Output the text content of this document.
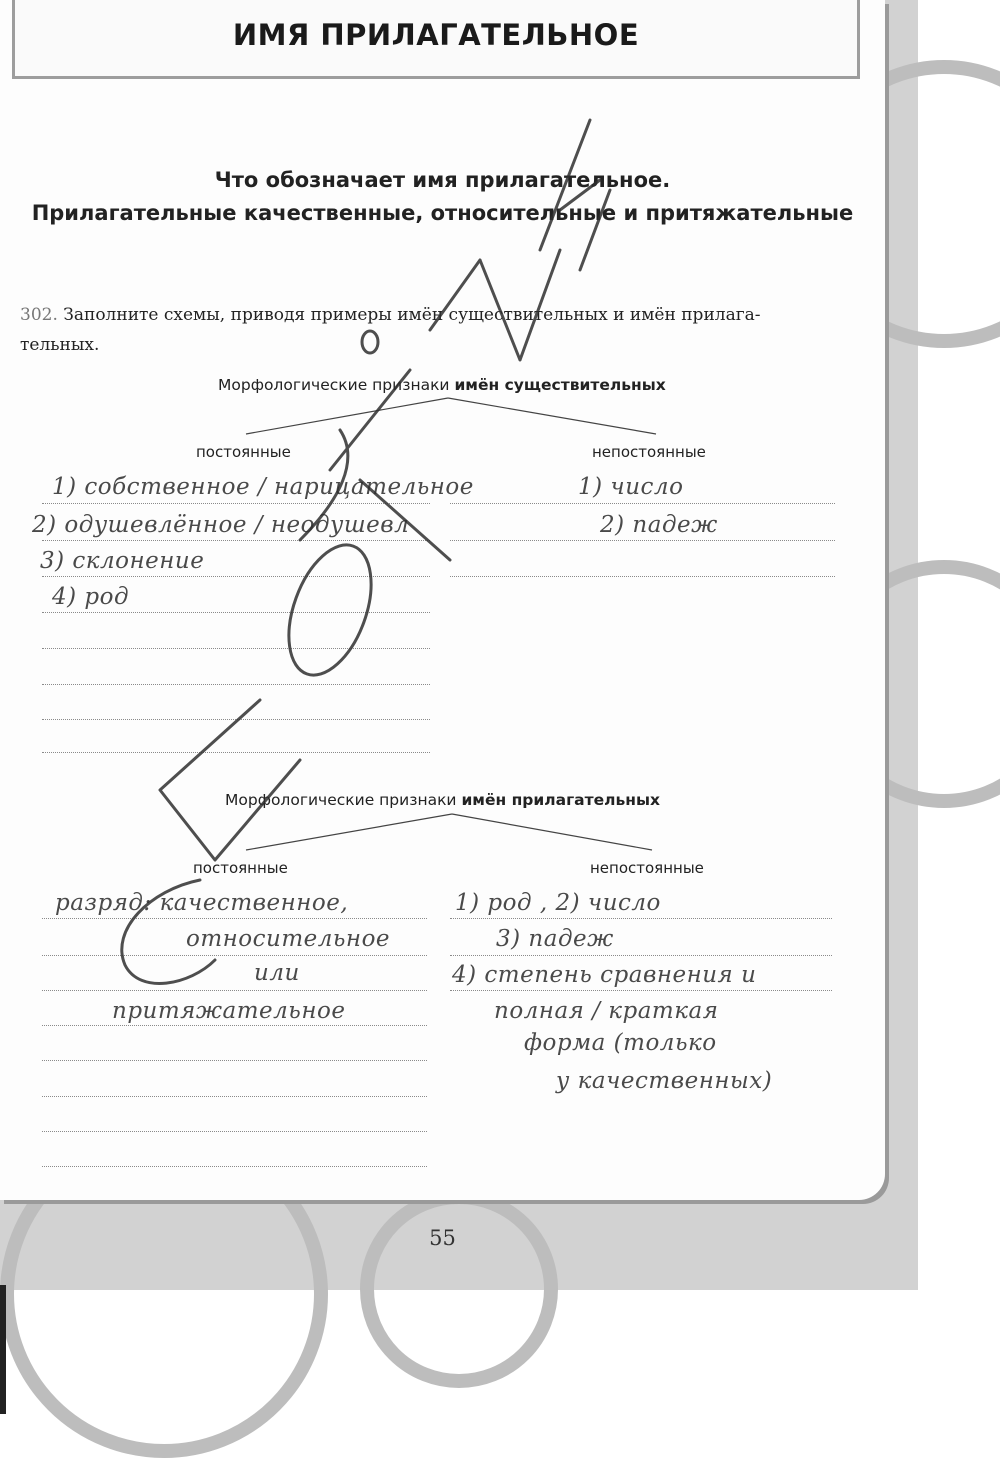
ИМЯ ПРИЛАГАТЕЛЬНОЕ
Что обозначает имя прилагательное.
Прилагательные качественные, относительные и притяжательные
302. Заполните схемы, приводя примеры имён существительных и имён прилага-
тельных.
Морфологические признаки имён существительных
постоянные	непостоянные
1) собственное / нарицательное
2) одушевлённое / неодушевл
3) склонение
4) род
1) число
2) падеж
Морфологические признаки имён прилагательных
постоянные	непостоянные
разряд: качественное,
относительное
или
притяжательное
1) род , 2) число
3) падеж
4) степень сравнения и
полная / краткая
форма (только
у качественных)
55
